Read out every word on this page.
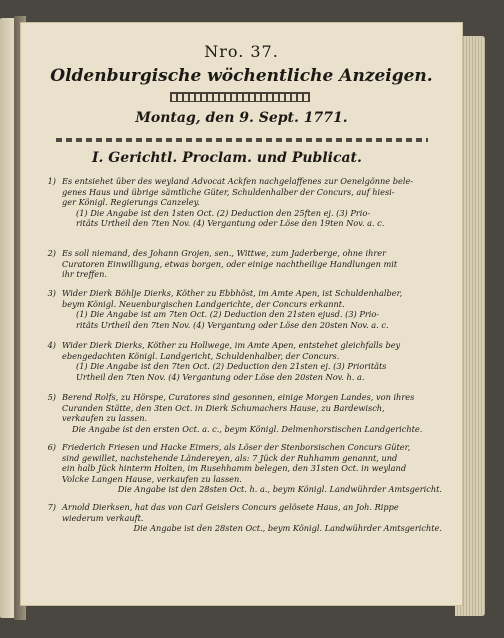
Nro. 37.
Oldenburgische wöchentliche Anzeigen.
Montag, den 9. Sept. 1771.
I. Gerichtl. Proclam. und Publicat.
1) Es entsiehet über des weyland Advocat Ackfen nachgelaffenes zur Oenelgönne bele-
genes Haus und übrige sämtliche Güter, Schuldenhalber der Concurs, auf hiesi-
ger Königl. Regierungs Canzeley.
(1) Die Angabe ist den 1sten Oct. (2) Deduction den 25ften ej. (3) Prio-
ritäts Urtheil den 7ten Nov. (4) Vergantung oder Löse den 19ten Nov. a. c.
2) Es soll niemand, des Johann Grojen, sen., Wittwe, zum Jaderberge, ohne ihrer
Curatoren Einwilligung, etwas borgen, oder einige nachtheilige Handlungen mit
ihr treffen.
3) Wider Dierk Böhlje Dierks, Köther zu Ebbhöst, im Amte Apen, ist Schuldenhalber,
beym Königl. Neuenburgischen Landgerichte, der Concurs erkannt.
(1) Die Angabe ist am 7ten Oct. (2) Deduction den 21sten ejusd. (3) Prio-
ritäts Urtheil den 7ten Nov. (4) Vergantung oder Löse den 20sten Nov. a. c.
4) Wider Dierk Dierks, Köther zu Hollwege, im Amte Apen, entstehet gleichfalls bey
ebengedachten Königl. Landgericht, Schuldenhalber, der Concurs.
(1) Die Angabe ist den 7ten Oct. (2) Deduction den 21sten ej. (3) Prioritäts
Urtheil den 7ten Nov. (4) Vergantung oder Löse den 20sten Nov. h. a.
5) Berend Rolfs, zu Hörspe, Curatores sind gesonnen, einige Morgen Landes, von ihres
Curanden Stätte, den 3ten Oct. in Dierk Schumachers Hause, zu Bardewisch,
verkaufen zu lassen.
Die Angabe ist den ersten Oct. a. c., beym Königl. Delmenhorstischen Landgerichte.
6) Friederich Friesen und Hacke Eimers, als Löser der Stenborsischen Concurs Güter,
sind gewillet, nachstehende Ländereyen, als: 7 Jück der Ruhhamm genannt, und
ein halb Jück hinterm Holten, im Rusehhamm belegen, den 31sten Oct. in weyland
Volcke Langen Hause, verkaufen zu lassen.
Die Angabe ist den 28sten Oct. h. a., beym Königl. Landwührder Amtsgericht.
7) Arnold Dierksen, hat das von Carl Geislers Concurs gelösete Haus, an Joh. Rippe
wiederum verkauft.
Die Angabe ist den 28sten Oct., beym Königl. Landwührder Amtsgerichte.
